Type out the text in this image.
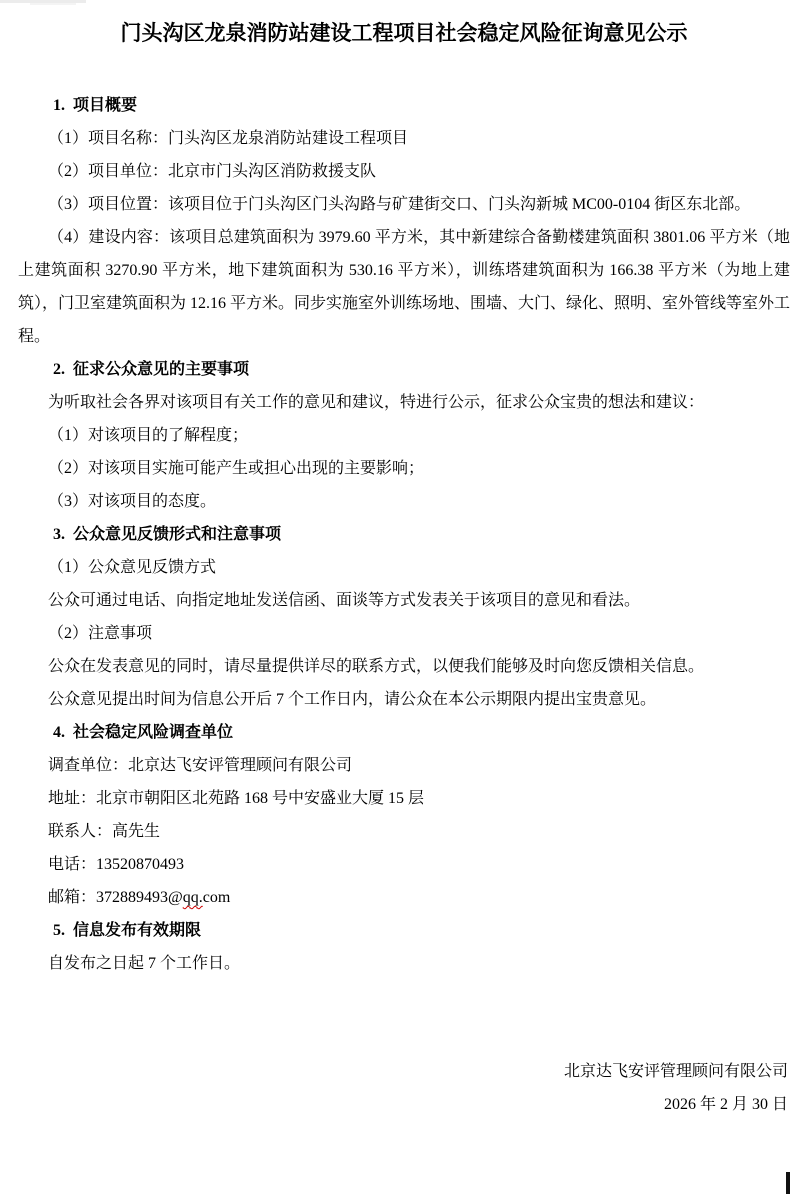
门头沟区龙泉消防站建设工程项目社会稳定风险征询意见公示

1.  项目概要

（1）项目名称：门头沟区龙泉消防站建设工程项目

（2）项目单位：北京市门头沟区消防救援支队

（3）项目位置：该项目位于门头沟区门头沟路与矿建街交口、门头沟新城 MC00-0104 街区东北部。

（4）建设内容：该项目总建筑面积为 3979.60 平方米，其中新建综合备勤楼建筑面积 3801.06 平方米（地上建筑面积 3270.90 平方米，地下建筑面积为 530.16 平方米），训练塔建筑面积为 166.38 平方米（为地上建筑），门卫室建筑面积为 12.16 平方米。同步实施室外训练场地、围墙、大门、绿化、照明、室外管线等室外工程。

2.  征求公众意见的主要事项

为听取社会各界对该项目有关工作的意见和建议，特进行公示，征求公众宝贵的想法和建议：

（1）对该项目的了解程度；

（2）对该项目实施可能产生或担心出现的主要影响；

（3）对该项目的态度。

3.  公众意见反馈形式和注意事项

（1）公众意见反馈方式

公众可通过电话、向指定地址发送信函、面谈等方式发表关于该项目的意见和看法。

（2）注意事项

公众在发表意见的同时，请尽量提供详尽的联系方式，以便我们能够及时向您反馈相关信息。

公众意见提出时间为信息公开后 7 个工作日内，请公众在本公示期限内提出宝贵意见。

4.  社会稳定风险调查单位

调查单位：北京达飞安评管理顾问有限公司

地址：北京市朝阳区北苑路 168 号中安盛业大厦 15 层

联系人：高先生

电话：13520870493

邮箱：372889493@qq.com

5.  信息发布有效期限

自发布之日起 7 个工作日。

北京达飞安评管理顾问有限公司

2026 年 2 月 30 日
